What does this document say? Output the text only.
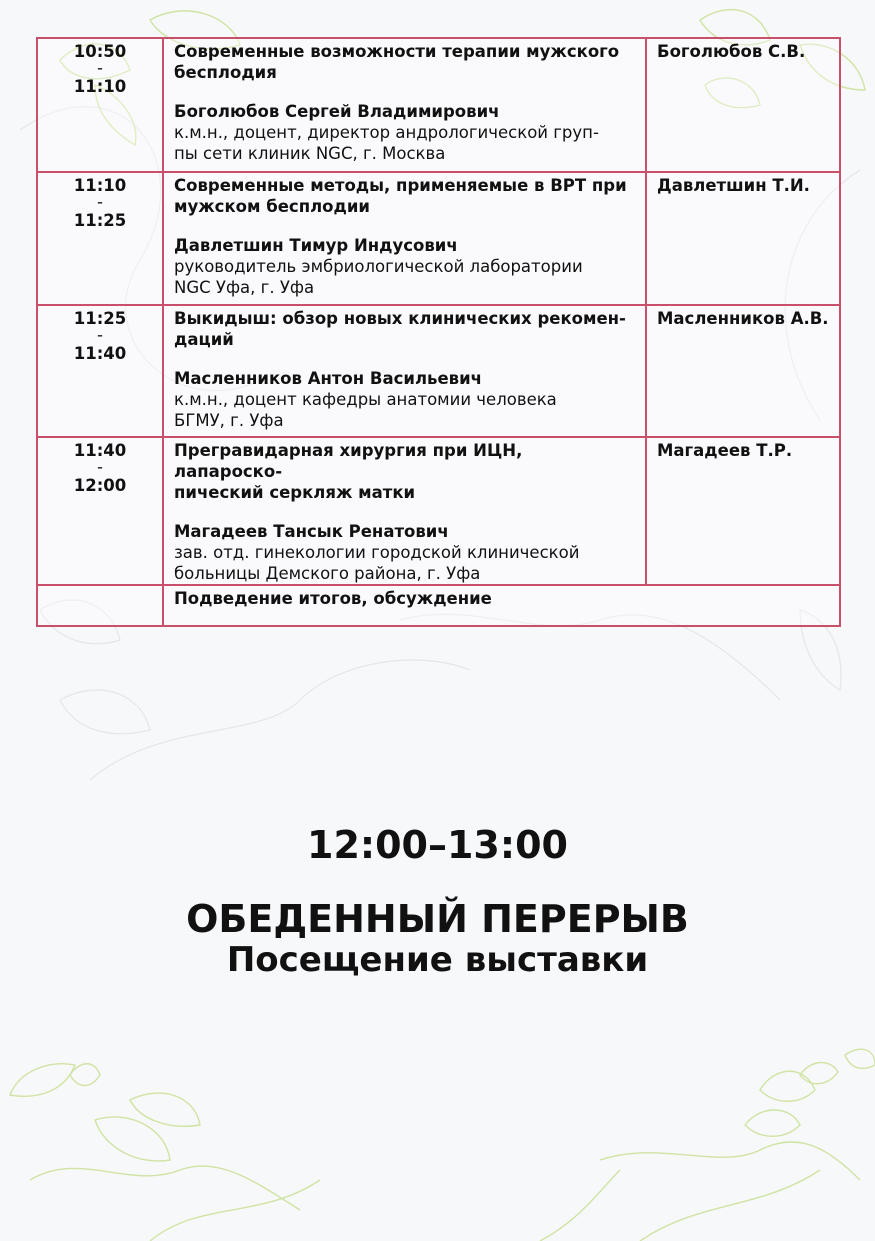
10:50
–
11:10	Современные возможности терапии мужского
бесплодия
Боголюбов Сергей Владимирович
к.м.н., доцент, директор андрологической груп-
пы сети клиник NGC, г. Москва	Боголюбов С.В.
11:10
–
11:25	Современные методы, применяемые в ВРТ при
мужском бесплодии
Давлетшин Тимур Индусович
руководитель эмбриологической лаборатории
NGC Уфа, г. Уфа	Давлетшин Т.И.
11:25
–
11:40	Выкидыш: обзор новых клинических рекомен-
даций
Масленников Антон Васильевич
к.м.н., доцент кафедры анатомии человека
БГМУ, г. Уфа	Масленников А.В.
11:40
–
12:00	Прегравидарная хирургия при ИЦН, лапароско-
пический серкляж матки
Магадеев Тансык Ренатович
зав. отд. гинекологии городской клинической
больницы Демского района, г. Уфа	Магадеев Т.Р.

	Подведение итогов, обсуждение	
12:00–13:00
ОБЕДЕННЫЙ ПЕРЕРЫВ
Посещение выставки
